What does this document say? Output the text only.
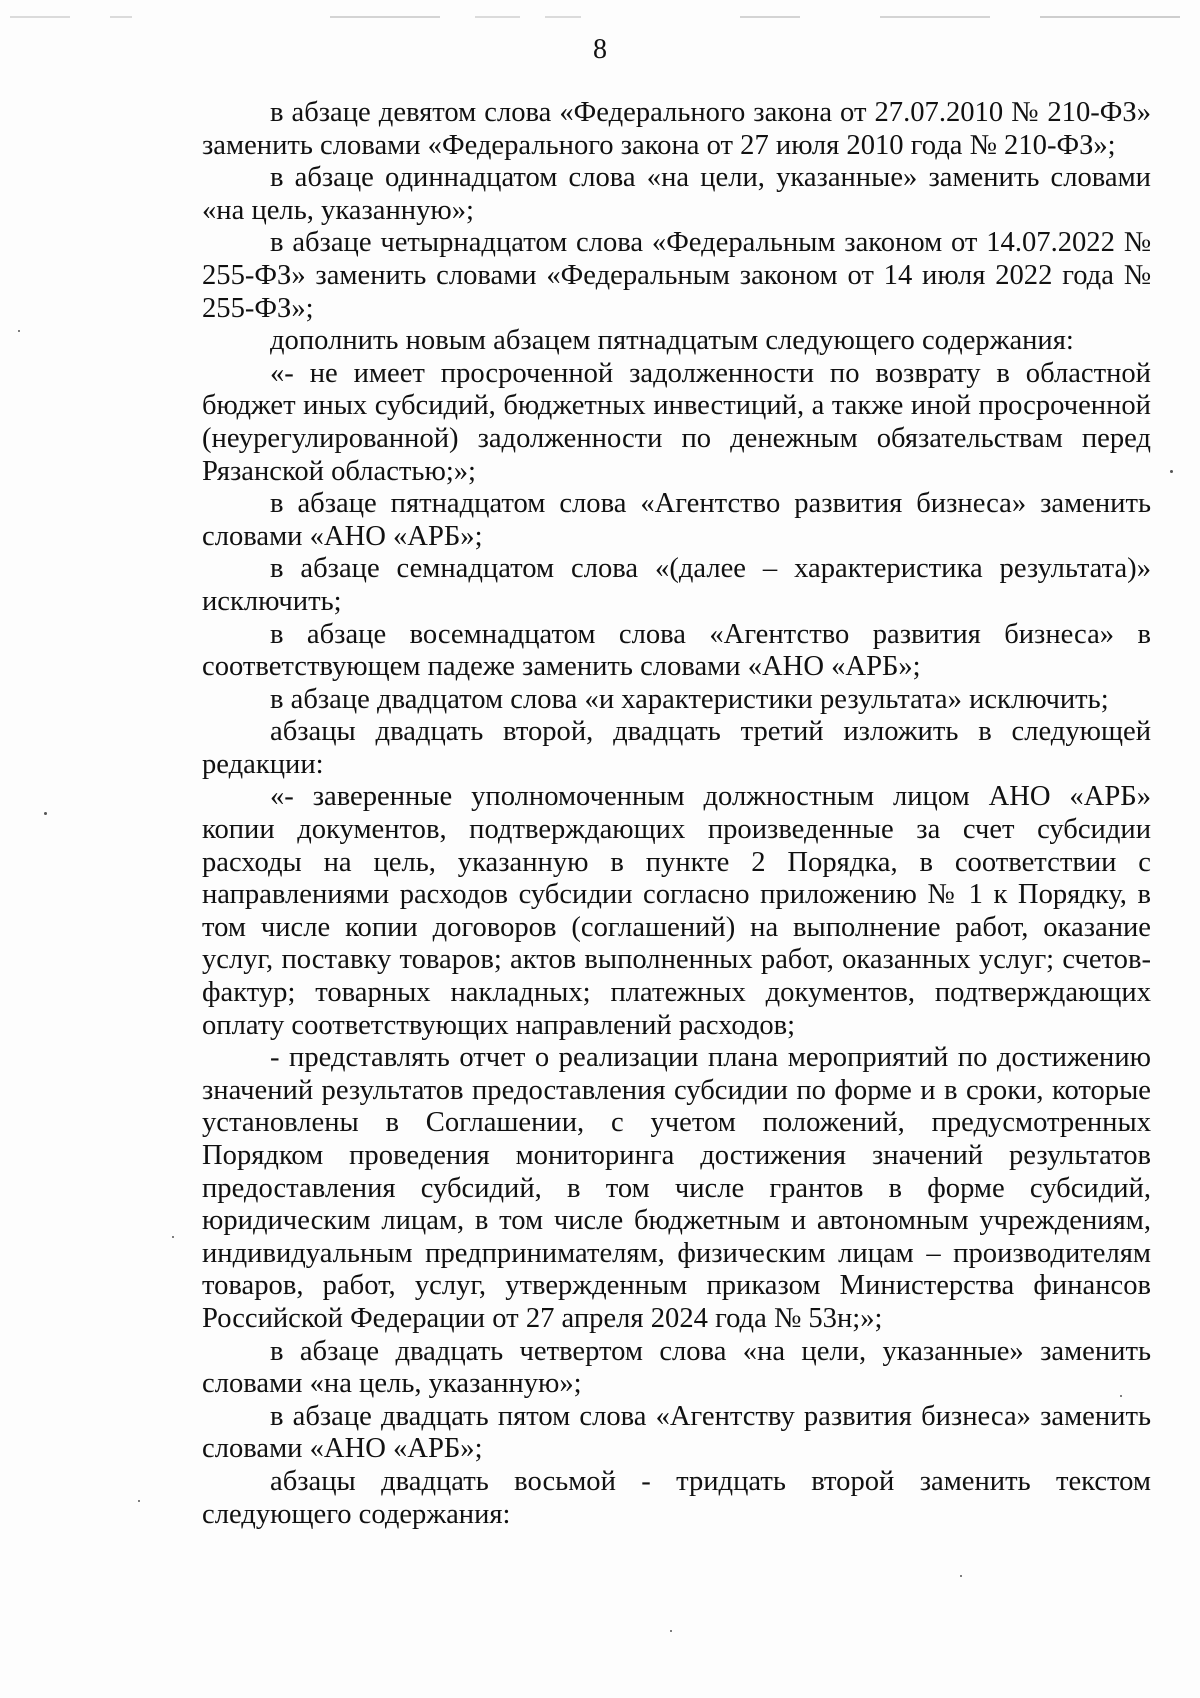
8

в абзаце девятом слова «Федерального закона от 27.07.2010 № 210-ФЗ» заменить словами «Федерального закона от 27 июля 2010 года № 210-ФЗ»;

в абзаце одиннадцатом слова «на цели, указанные» заменить словами «на цель, указанную»;

в абзаце четырнадцатом слова «Федеральным законом от 14.07.2022 № 255-ФЗ» заменить словами «Федеральным законом от 14 июля 2022 года № 255-ФЗ»;

дополнить новым абзацем пятнадцатым следующего содержания:

«- не имеет просроченной задолженности по возврату в областной бюджет иных субсидий, бюджетных инвестиций, а также иной просроченной (неурегулированной) задолженности по денежным обязательствам перед Рязанской областью;»;

в абзаце пятнадцатом слова «Агентство развития бизнеса» заменить словами «АНО «АРБ»;

в абзаце семнадцатом слова «(далее – характеристика результата)» исключить;

в абзаце восемнадцатом слова «Агентство развития бизнеса» в соответствующем падеже заменить словами «АНО «АРБ»;

в абзаце двадцатом слова «и характеристики результата» исключить;

абзацы двадцать второй, двадцать третий изложить в следующей редакции:

«- заверенные уполномоченным должностным лицом АНО «АРБ» копии документов, подтверждающих произведенные за счет субсидии расходы на цель, указанную в пункте 2 Порядка, в соответствии с направлениями расходов субсидии согласно приложению № 1 к Порядку, в том числе копии договоров (соглашений) на выполнение работ, оказание услуг, поставку товаров; актов выполненных работ, оказанных услуг; счетов-фактур; товарных накладных; платежных документов, подтверждающих оплату соответствующих направлений расходов;

- представлять отчет о реализации плана мероприятий по достижению значений результатов предоставления субсидии по форме и в сроки, которые установлены в Соглашении, с учетом положений, предусмотренных Порядком проведения мониторинга достижения значений результатов предоставления субсидий, в том числе грантов в форме субсидий, юридическим лицам, в том числе бюджетным и автономным учреждениям, индивидуальным предпринимателям, физическим лицам – производителям товаров, работ, услуг, утвержденным приказом Министерства финансов Российской Федерации от 27 апреля 2024 года № 53н;»;

в абзаце двадцать четвертом слова «на цели, указанные» заменить словами «на цель, указанную»;

в абзаце двадцать пятом слова «Агентству развития бизнеса» заменить словами «АНО «АРБ»;

абзацы двадцать восьмой - тридцать второй заменить текстом следующего содержания:
